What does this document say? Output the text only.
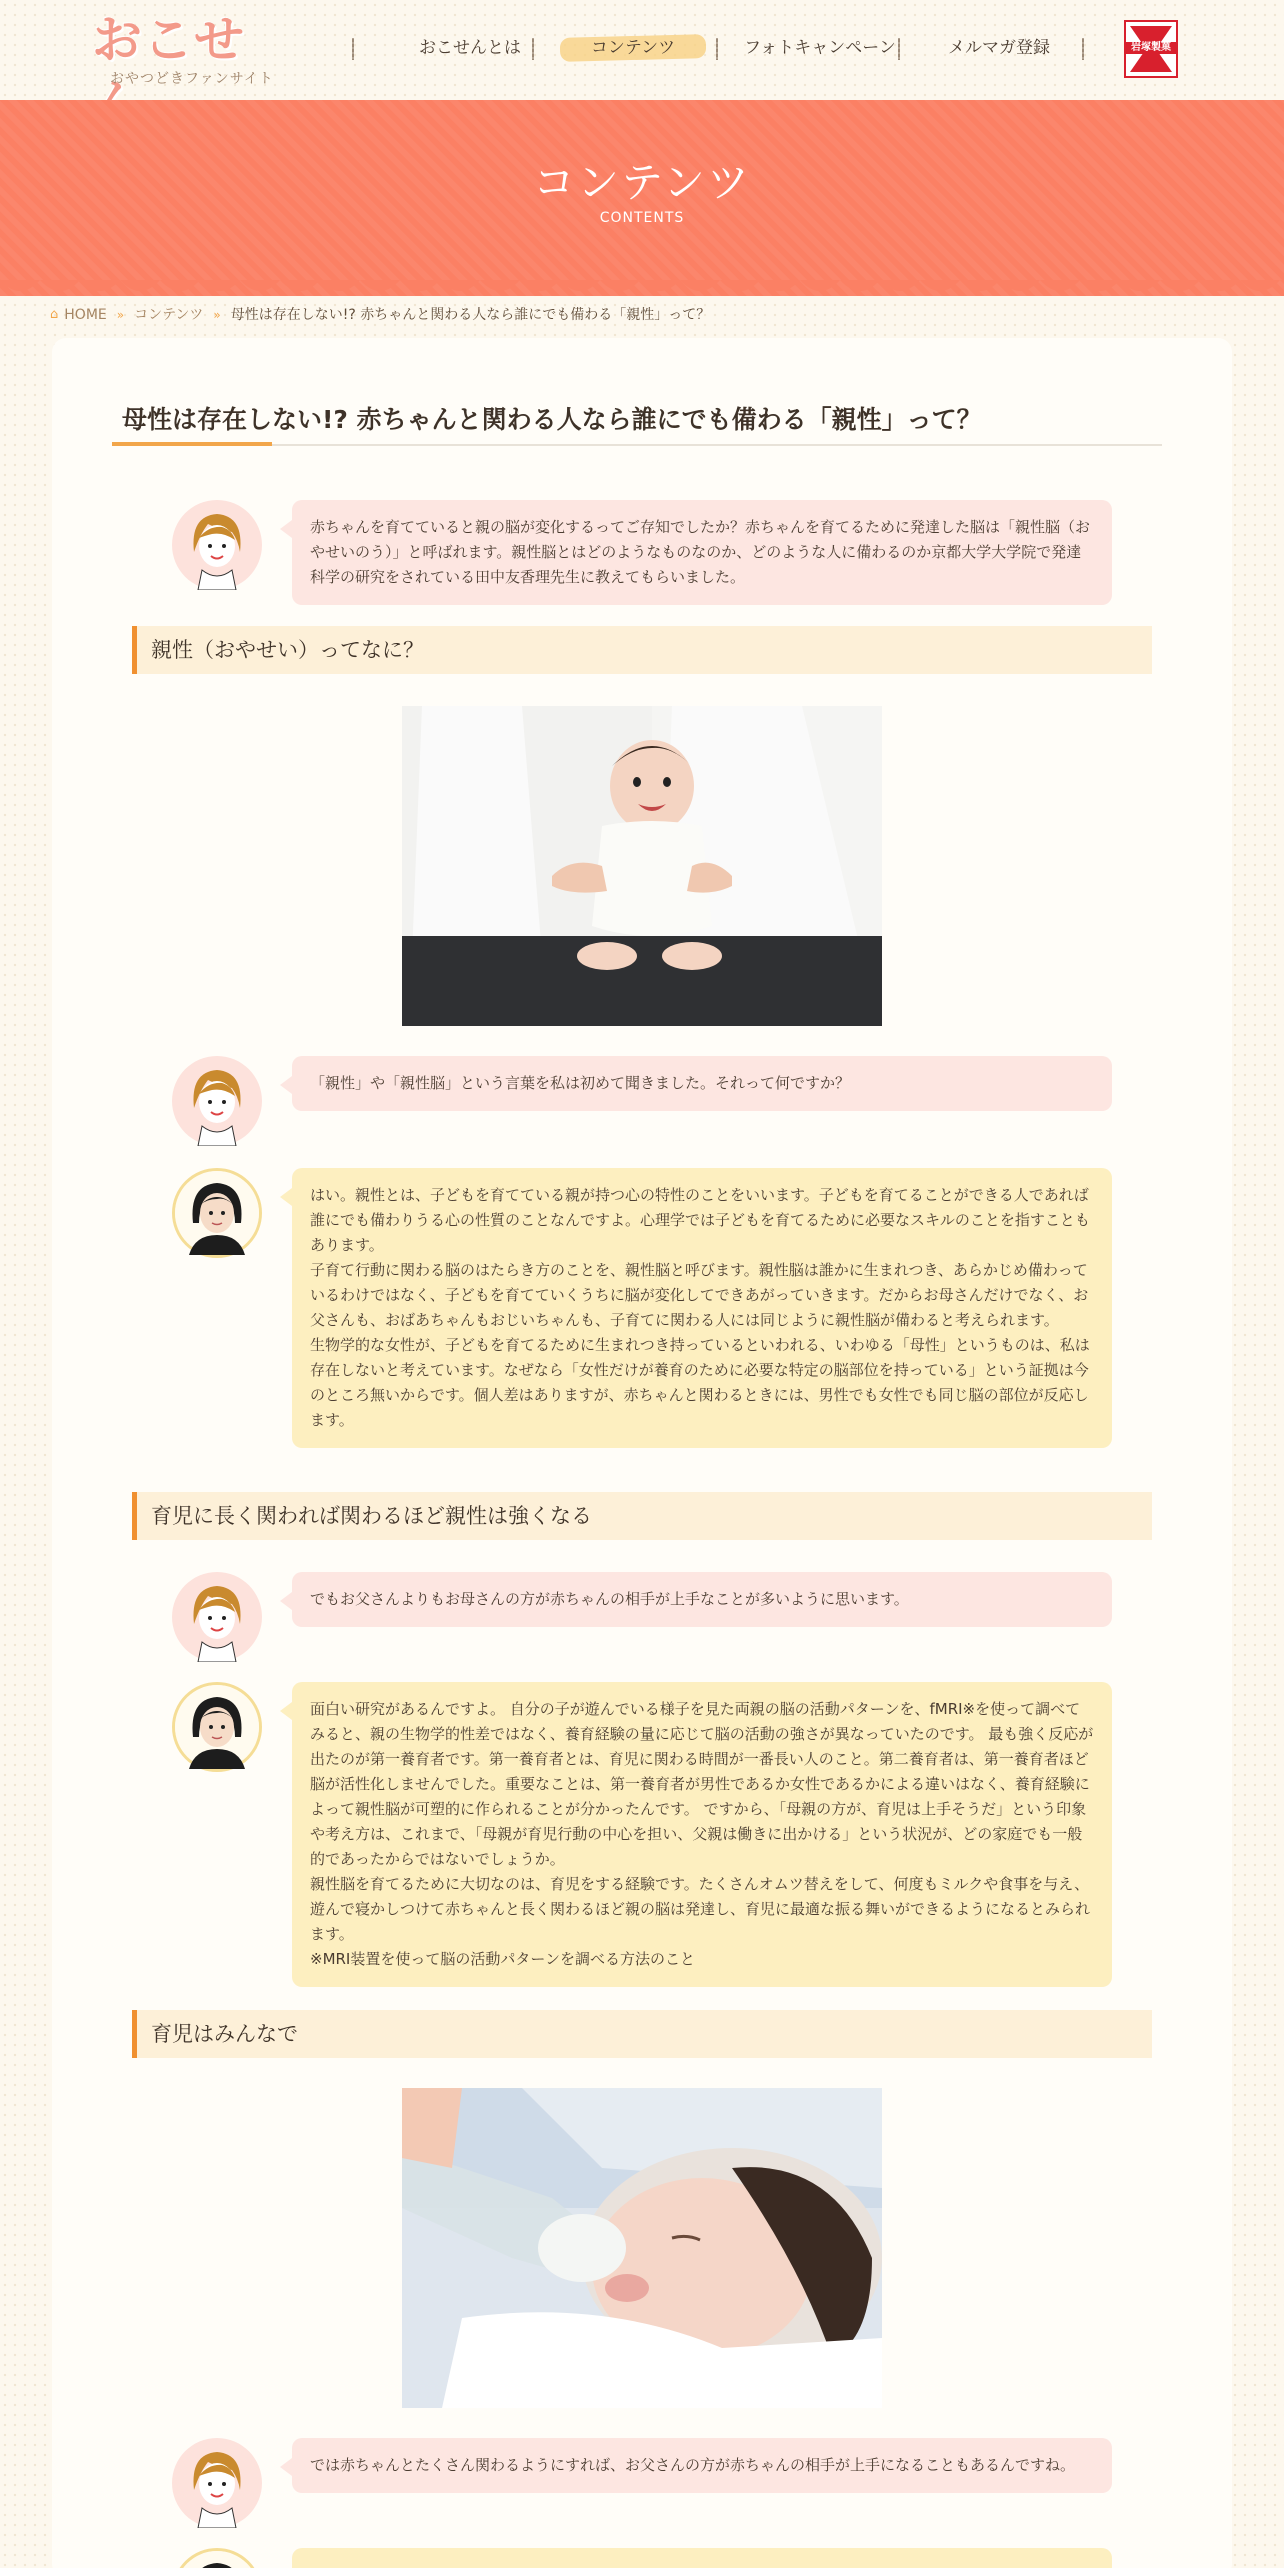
おこせ
おやつどきファンサイト
おこせんとは	コンテンツ	フォトキャンペーン	メルマガ登録	岩塚製菓
コンテンツ
CONTENTS
⌂ HOME » コンテンツ » 母性は存在しない!? 赤ちゃんと関わる人なら誰にでも備わる「親性」って？
母性は存在しない!? 赤ちゃんと関わる人なら誰にでも備わる「親性」って？
赤ちゃんを育てていると親の脳が変化するってご存知でしたか？赤ちゃんを育てるために発達した脳は「親性脳（おやせいのう）」と呼ばれます。親性脳とはどのようなものなのか、どのような人に備わるのか京都大学大学院で発達科学の研究をされている田中友香理先生に教えてもらいました。
親性（おやせい）ってなに？
「親性」や「親性脳」という言葉を私は初めて聞きました。それって何ですか？

はい。親性とは、子どもを育てている親が持つ心の特性のことをいいます。子どもを育てることができる人であれば誰にでも備わりうる心の性質のことなんですよ。心理学では子どもを育てるために必要なスキルのことを指すこともあります。

子育て行動に関わる脳のはたらき方のことを、親性脳と呼びます。親性脳は誰かに生まれつき、あらかじめ備わっているわけではなく、子どもを育てていくうちに脳が変化してできあがっていきます。だからお母さんだけでなく、お父さんも、おばあちゃんもおじいちゃんも、子育てに関わる人には同じように親性脳が備わると考えられます。

生物学的な女性が、子どもを育てるために生まれつき持っているといわれる、いわゆる「母性」というものは、私は存在しないと考えています。なぜなら「女性だけが養育のために必要な特定の脳部位を持っている」という証拠は今のところ無いからです。個人差はありますが、赤ちゃんと関わるときには、男性でも女性でも同じ脳の部位が反応します。

育児に長く関われば関わるほど親性は強くなる
でもお父さんよりもお母さんの方が赤ちゃんの相手が上手なことが多いように思います。

面白い研究があるんですよ。 自分の子が遊んでいる様子を見た両親の脳の活動パターンを、fMRI※を使って調べてみると、親の生物学的性差ではなく、養育経験の量に応じて脳の活動の強さが異なっていたのです。 最も強く反応が出たのが第一養育者です。第一養育者とは、育児に関わる時間が一番長い人のこと。第二養育者は、第一養育者ほど脳が活性化しませんでした。重要なことは、第一養育者が男性であるか女性であるかによる違いはなく、養育経験によって親性脳が可塑的に作られることが分かったんです。 ですから、「母親の方が、育児は上手そうだ」という印象や考え方は、これまで、「母親が育児行動の中心を担い、父親は働きに出かける」という状況が、どの家庭でも一般的であったからではないでしょうか。

親性脳を育てるために大切なのは、育児をする経験です。たくさんオムツ替えをして、何度もミルクや食事を与え、遊んで寝かしつけて赤ちゃんと長く関わるほど親の脳は発達し、育児に最適な振る舞いができるようになるとみられます。

※MRI装置を使って脳の活動パターンを調べる方法のこと

育児はみんなで
では赤ちゃんとたくさん関わるようにすれば、お父さんの方が赤ちゃんの相手が上手になることもあるんですね。
